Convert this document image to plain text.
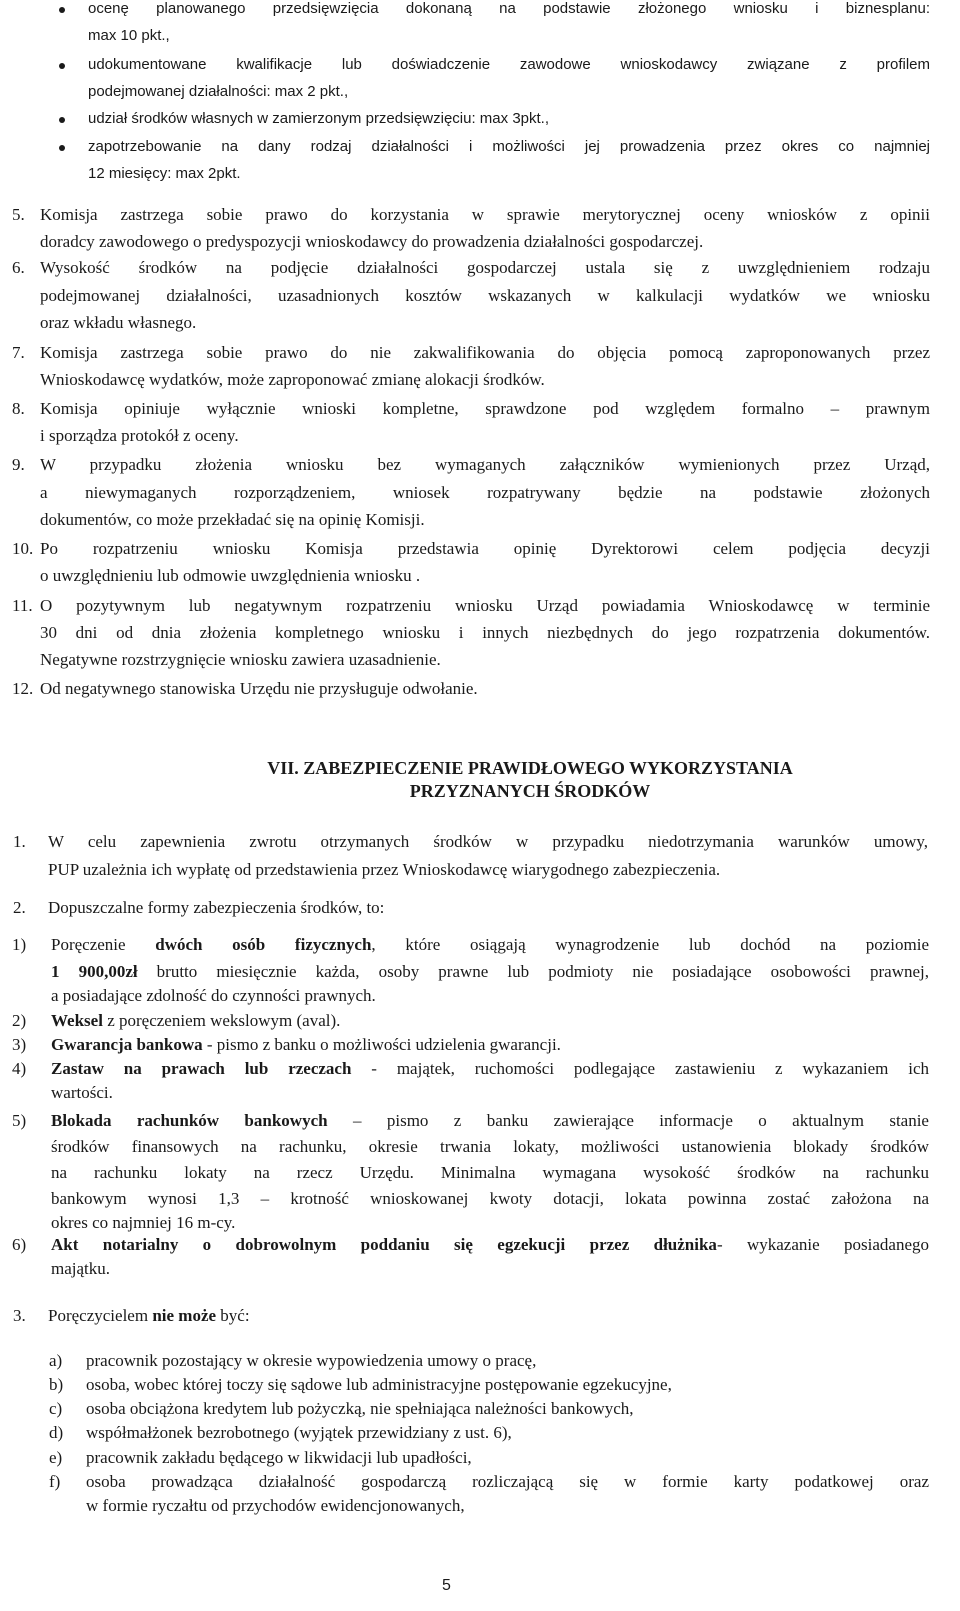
ocenę planowanego przedsięwzięcia dokonaną na podstawie złożonego wniosku i biznesplanu:
max 10 pkt.,
udokumentowane kwalifikacje lub doświadczenie zawodowe wnioskodawcy związane z profilem
podejmowanej działalności: max 2 pkt.,
udział środków własnych w zamierzonym przedsięwzięciu: max 3pkt.,
zapotrzebowanie na dany rodzaj działalności i możliwości jej prowadzenia przez okres co najmniej
12 miesięcy: max 2pkt.
5. Komisja zastrzega sobie prawo do korzystania w sprawie merytorycznej oceny wniosków z opinii
doradcy zawodowego o predyspozycji wnioskodawcy do prowadzenia działalności gospodarczej.
6. Wysokość środków na podjęcie działalności gospodarczej ustala się z uwzględnieniem rodzaju
podejmowanej działalności, uzasadnionych kosztów wskazanych w kalkulacji wydatków we wniosku
oraz wkładu własnego.
7. Komisja zastrzega sobie prawo do nie zakwalifikowania do objęcia pomocą zaproponowanych przez
Wnioskodawcę wydatków, może zaproponować zmianę alokacji środków.
8. Komisja opiniuje wyłącznie wnioski kompletne, sprawdzone pod względem formalno – prawnym
i sporządza protokół z oceny.
9. W przypadku złożenia wniosku bez wymaganych załączników wymienionych przez Urząd,
a niewymaganych rozporządzeniem, wniosek rozpatrywany będzie na podstawie złożonych
dokumentów, co może przekładać się na opinię Komisji.
10. Po rozpatrzeniu wniosku Komisja przedstawia opinię Dyrektorowi celem podjęcia decyzji
o uwzględnieniu lub odmowie uwzględnienia wniosku .
11. O pozytywnym lub negatywnym rozpatrzeniu wniosku Urząd powiadamia Wnioskodawcę w terminie
30 dni od dnia złożenia kompletnego wniosku i innych niezbędnych do jego rozpatrzenia dokumentów.
Negatywne rozstrzygnięcie wniosku zawiera uzasadnienie.
12. Od negatywnego stanowiska Urzędu nie przysługuje odwołanie.
VII. ZABEZPIECZENIE PRAWIDŁOWEGO WYKORZYSTANIA
PRZYZNANYCH ŚRODKÓW
1. W celu zapewnienia zwrotu otrzymanych środków w przypadku niedotrzymania warunków umowy,
PUP uzależnia ich wypłatę od przedstawienia przez Wnioskodawcę wiarygodnego zabezpieczenia.
2. Dopuszczalne formy zabezpieczenia środków, to:
1) Poręczenie dwóch osób fizycznych, które osiągają wynagrodzenie lub dochód na poziomie
1 900,00zł brutto miesięcznie każda, osoby prawne lub podmioty nie posiadające osobowości prawnej,
a posiadające zdolność do czynności prawnych.
2) Weksel z poręczeniem wekslowym (aval).
3) Gwarancja bankowa - pismo z banku o możliwości udzielenia gwarancji.
4) Zastaw na prawach lub rzeczach - majątek, ruchomości podlegające zastawieniu z wykazaniem ich
wartości.
5) Blokada rachunków bankowych – pismo z banku zawierające informacje o aktualnym stanie
środków finansowych na rachunku, okresie trwania lokaty, możliwości ustanowienia blokady środków
na rachunku lokaty na rzecz Urzędu. Minimalna wymagana wysokość środków na rachunku
bankowym wynosi 1,3 – krotność wnioskowanej kwoty dotacji, lokata powinna zostać założona na
okres co najmniej 16 m-cy.
6) Akt notarialny o dobrowolnym poddaniu się egzekucji przez dłużnika- wykazanie posiadanego
majątku.
3. Poręczycielem nie może być:
a) pracownik pozostający w okresie wypowiedzenia umowy o pracę,
b) osoba, wobec której toczy się sądowe lub administracyjne postępowanie egzekucyjne,
c) osoba obciążona kredytem lub pożyczką, nie spełniająca należności bankowych,
d) współmałżonek bezrobotnego (wyjątek przewidziany z ust. 6),
e) pracownik zakładu będącego w likwidacji lub upadłości,
f) osoba prowadząca działalność gospodarczą rozliczającą się w formie karty podatkowej oraz
w formie ryczałtu od przychodów ewidencjonowanych,
5
